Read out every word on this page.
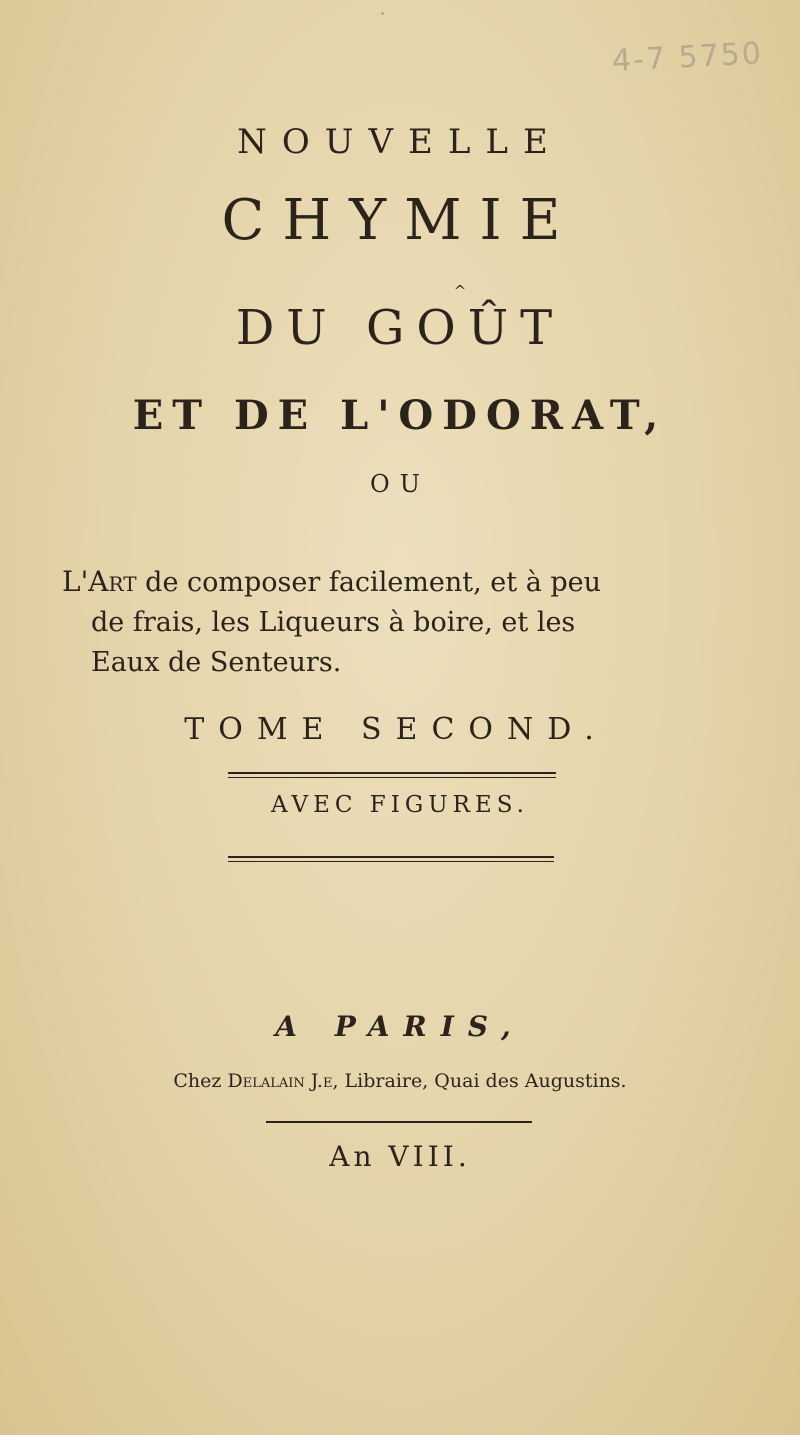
·
4-7 5750
NOUVELLE
CHYMIE
^
DU GOÛT
ET DE L'ODORAT,
OU
L'Art de composer facilement, et à peu
de frais, les Liqueurs à boire, et les
Eaux de Senteurs.
TOME SECOND.
AVEC FIGURES.
A PARIS,
Chez Delalain J.e, Libraire, Quai des Augustins.
An VIII.
